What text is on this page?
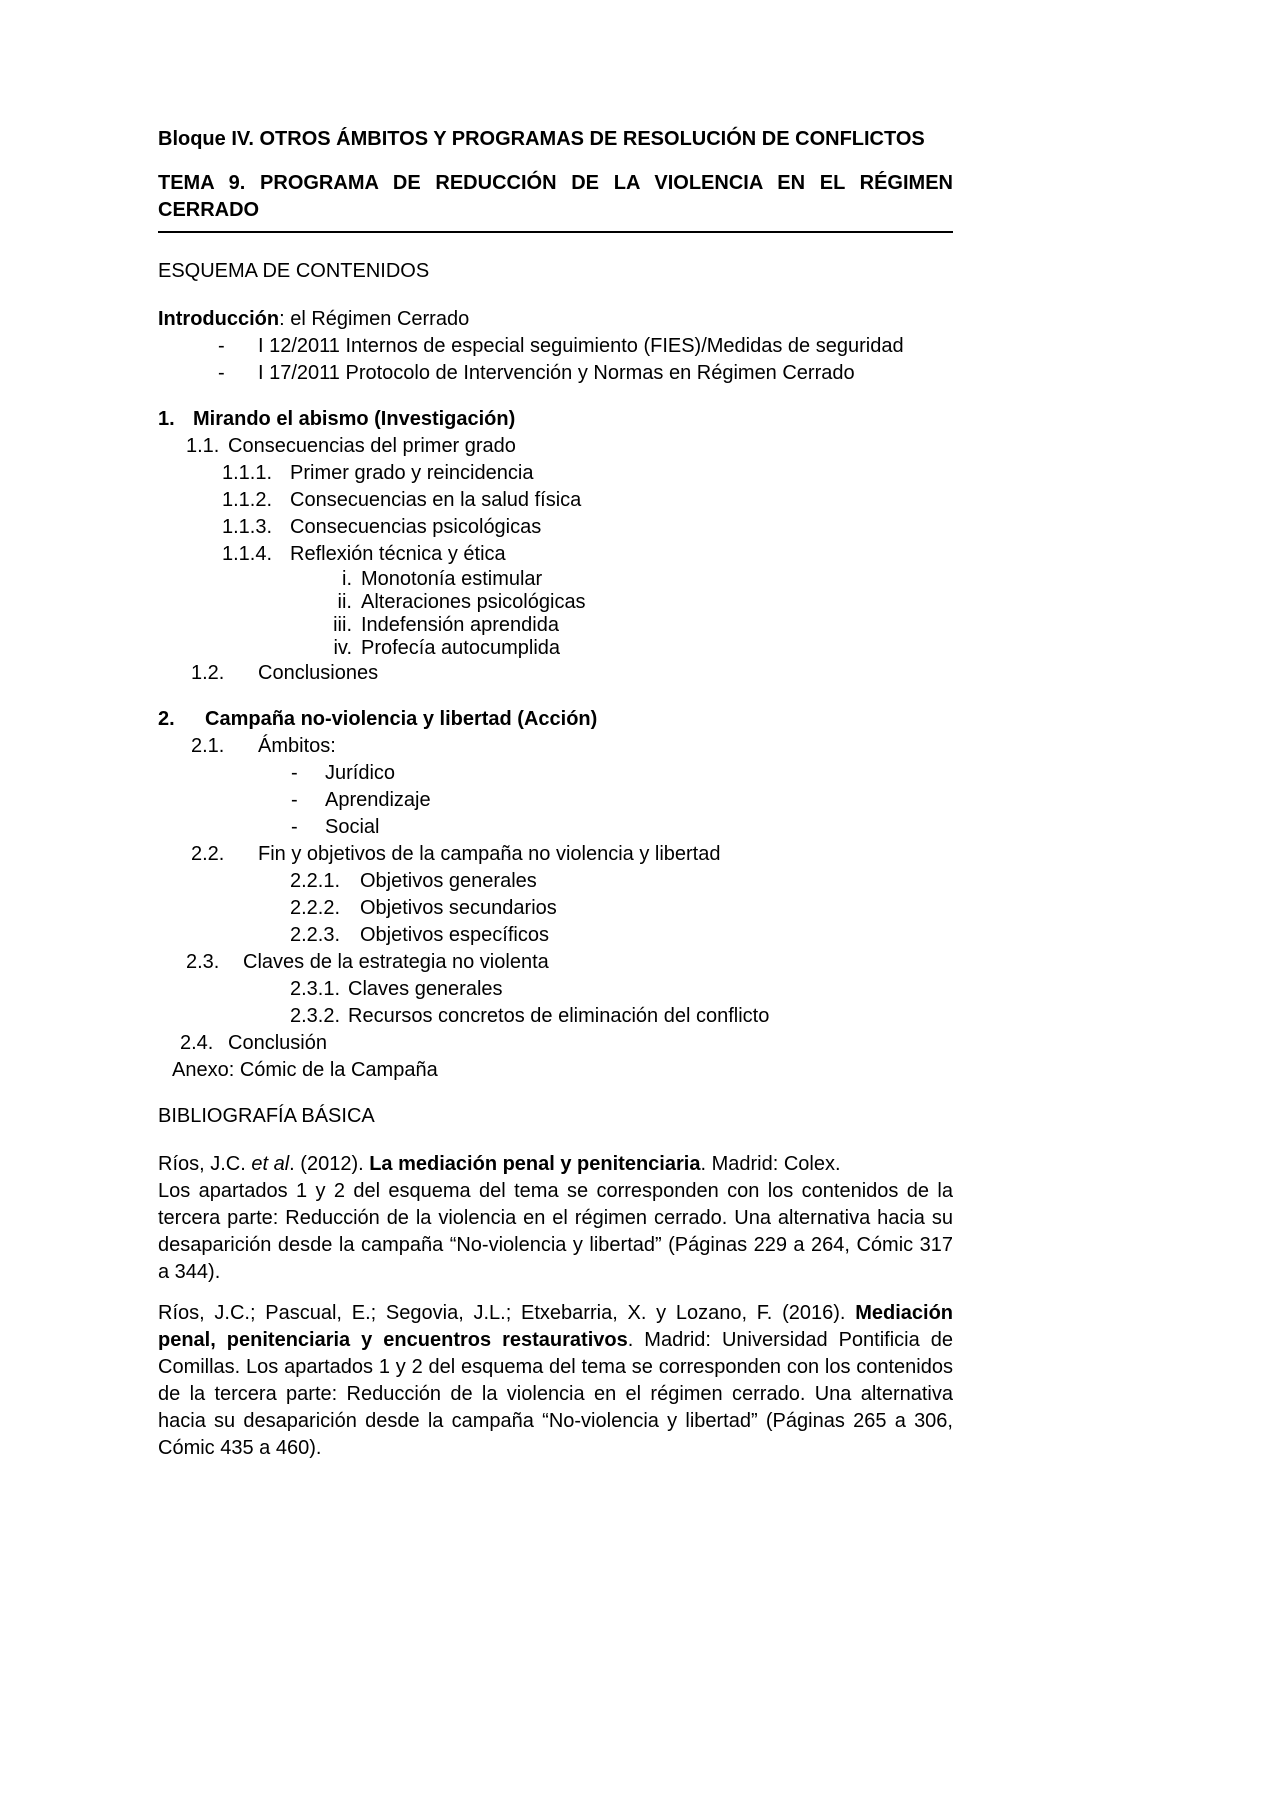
Bloque IV. OTROS ÁMBITOS Y PROGRAMAS DE RESOLUCIÓN DE CONFLICTOS
TEMA 9. PROGRAMA DE REDUCCIÓN DE LA VIOLENCIA EN EL RÉGIMEN
CERRADO
ESQUEMA DE CONTENIDOS
Introducción: el Régimen Cerrado
-	I 12/2011 Internos de especial seguimiento (FIES)/Medidas de seguridad
-	I 17/2011 Protocolo de Intervención y Normas en Régimen Cerrado
1. Mirando el abismo (Investigación)
1.1. Consecuencias del primer grado
1.1.1. Primer grado y reincidencia
1.1.2. Consecuencias en la salud física
1.1.3. Consecuencias psicológicas
1.1.4. Reflexión técnica y ética
i. Monotonía estimular
ii. Alteraciones psicológicas
iii. Indefensión aprendida
iv. Profecía autocumplida
1.2.	Conclusiones
2.	Campaña no-violencia y libertad (Acción)
2.1.	Ámbitos:
-	Jurídico
-	Aprendizaje
-	Social
2.2.	Fin y objetivos de la campaña no violencia y libertad
2.2.1. Objetivos generales
2.2.2. Objetivos secundarios
2.2.3. Objetivos específicos
2.3.	Claves de la estrategia no violenta
2.3.1. Claves generales
2.3.2. Recursos concretos de eliminación del conflicto
2.4. Conclusión
Anexo: Cómic de la Campaña
BIBLIOGRAFÍA BÁSICA

Ríos, J.C. et al. (2012). La mediación penal y penitenciaria. Madrid: Colex.
Los apartados 1 y 2 del esquema del tema se corresponden con los contenidos de la tercera parte: Reducción de la violencia en el régimen cerrado. Una alternativa hacia su desaparición desde la campaña “No-violencia y libertad” (Páginas 229 a 264, Cómic 317 a 344).

Ríos, J.C.; Pascual, E.; Segovia, J.L.; Etxebarria, X. y Lozano, F. (2016). Mediación penal, penitenciaria y encuentros restaurativos. Madrid: Universidad Pontificia de Comillas. Los apartados 1 y 2 del esquema del tema se corresponden con los contenidos de la tercera parte: Reducción de la violencia en el régimen cerrado. Una alternativa hacia su desaparición desde la campaña “No-violencia y libertad” (Páginas 265 a 306, Cómic 435 a 460).
